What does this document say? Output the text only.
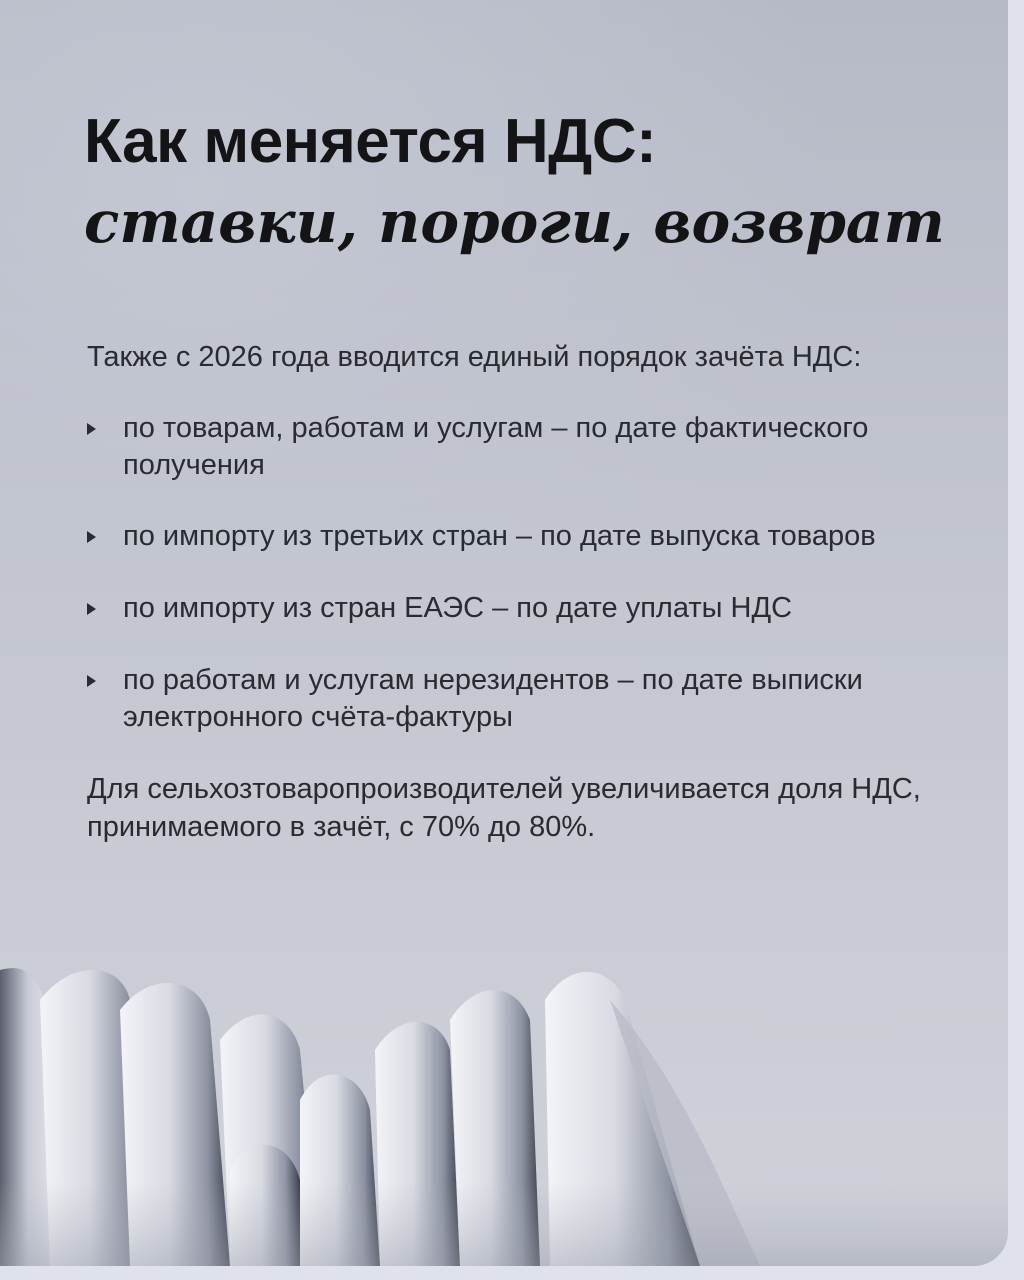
Как меняется НДС:
ставки, пороги, возврат

Также с 2026 года вводится единый порядок зачёта НДС:

по товарам, работам и услугам – по дате фактического получения
по импорту из третьих стран – по дате выпуска товаров
по импорту из стран ЕАЭС – по дате уплаты НДС
по работам и услугам нерезидентов – по дате выписки электронного счёта-фактуры

Для сельхозтоваропроизводителей увеличивается доля НДС, принимаемого в зачёт, с 70% до 80%.
